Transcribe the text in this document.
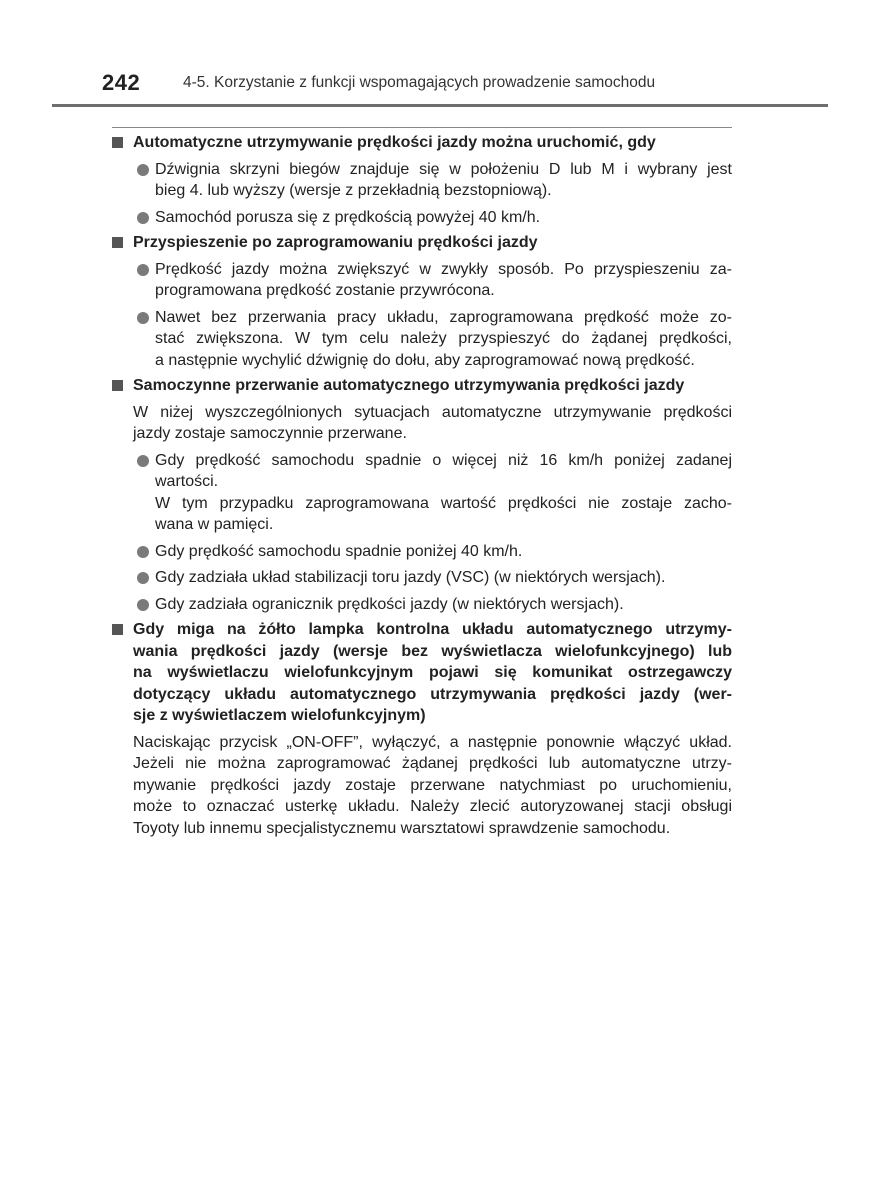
242	4-5. Korzystanie z funkcji wspomagających prowadzenie samochodu
Automatyczne utrzymywanie prędkości jazdy można uruchomić, gdy
Dźwignia skrzyni biegów znajduje się w położeniu D lub M i wybrany jest
bieg 4. lub wyższy (wersje z przekładnią bezstopniową).
Samochód porusza się z prędkością powyżej 40 km/h.
Przyspieszenie po zaprogramowaniu prędkości jazdy
Prędkość jazdy można zwiększyć w zwykły sposób. Po przyspieszeniu za-
programowana prędkość zostanie przywrócona.
Nawet bez przerwania pracy układu, zaprogramowana prędkość może zo-
stać zwiększona. W tym celu należy przyspieszyć do żądanej prędkości,
a następnie wychylić dźwignię do dołu, aby zaprogramować nową prędkość.
Samoczynne przerwanie automatycznego utrzymywania prędkości jazdy
W niżej wyszczególnionych sytuacjach automatyczne utrzymywanie prędkości
jazdy zostaje samoczynnie przerwane.
Gdy prędkość samochodu spadnie o więcej niż 16 km/h poniżej zadanej
wartości.
W tym przypadku zaprogramowana wartość prędkości nie zostaje zacho-
wana w pamięci.
Gdy prędkość samochodu spadnie poniżej 40 km/h.
Gdy zadziała układ stabilizacji toru jazdy (VSC) (w niektórych wersjach).
Gdy zadziała ogranicznik prędkości jazdy (w niektórych wersjach).
Gdy miga na żółto lampka kontrolna układu automatycznego utrzymy-
wania prędkości jazdy (wersje bez wyświetlacza wielofunkcyjnego) lub
na wyświetlaczu wielofunkcyjnym pojawi się komunikat ostrzegawczy
dotyczący układu automatycznego utrzymywania prędkości jazdy (wer-
sje z wyświetlaczem wielofunkcyjnym)
Naciskając przycisk „ON-OFF”, wyłączyć, a następnie ponownie włączyć układ.
Jeżeli nie można zaprogramować żądanej prędkości lub automatyczne utrzy-
mywanie prędkości jazdy zostaje przerwane natychmiast po uruchomieniu,
może to oznaczać usterkę układu. Należy zlecić autoryzowanej stacji obsługi
Toyoty lub innemu specjalistycznemu warsztatowi sprawdzenie samochodu.
